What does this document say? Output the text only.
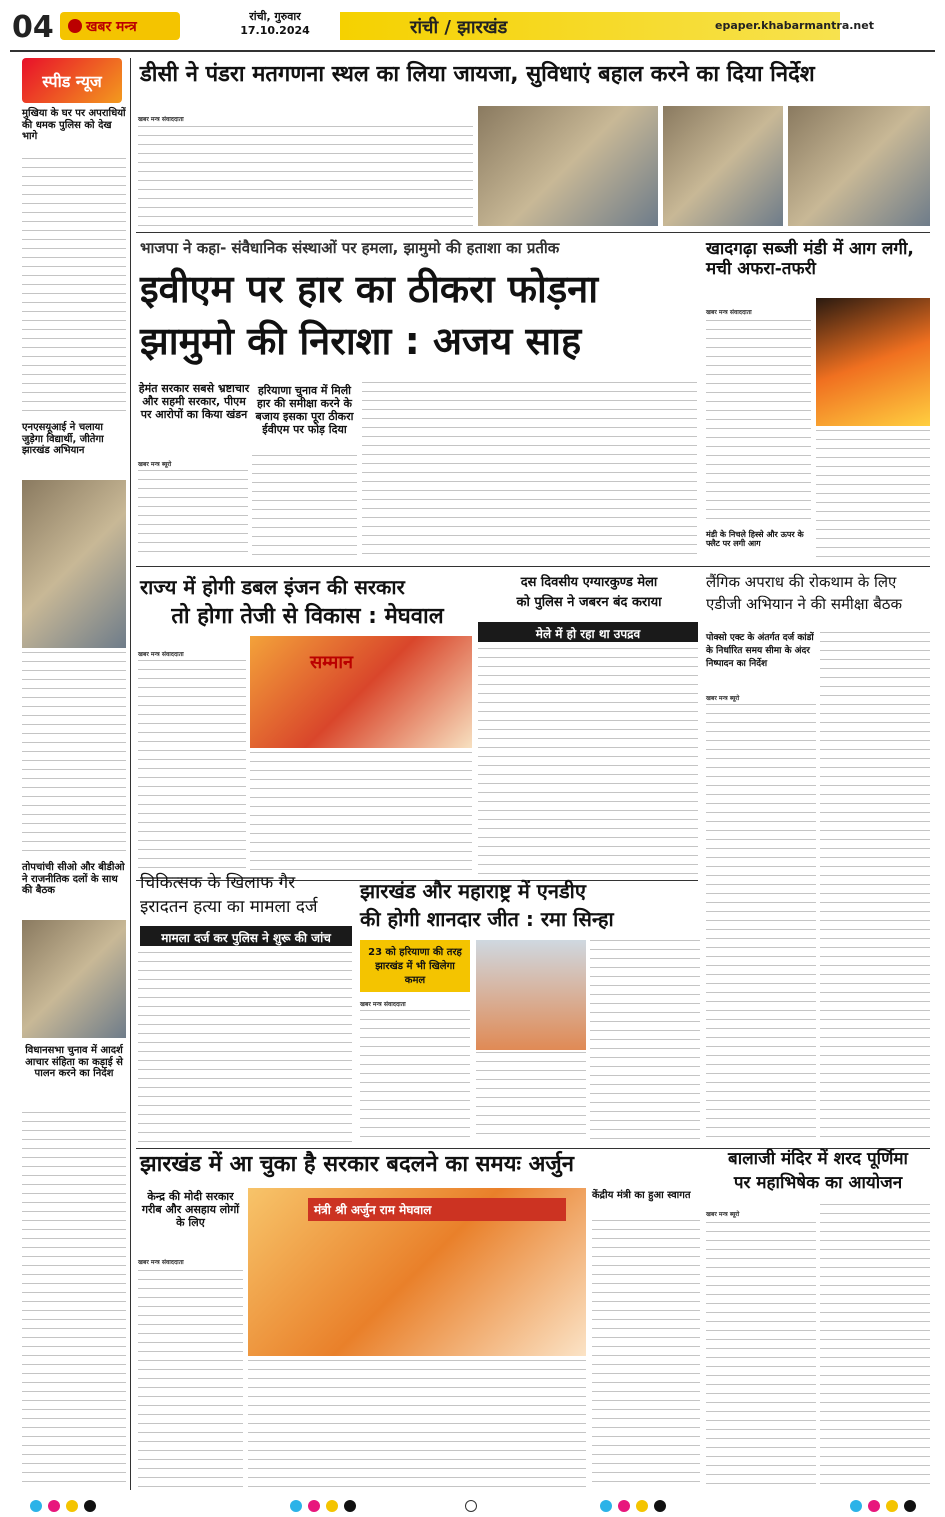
04	खबर मन्त्र
रांची, गुरुवार
17.10.2024	रांची / झारखंड	epaper.khabarmantra.net
स्पीड न्यूज
मुखिया के घर पर अपराधियों की धमक पुलिस को देख भागे
एनएसयूआई ने चलाया जुड़ेगा विद्यार्थी, जीतेगा झारखंड अभियान
तोपचांची सीओ और बीडीओ ने राजनीतिक दलों के साथ की बैठक
विधानसभा चुनाव में आदर्श आचार संहिता का कड़ाई से पालन करने का निर्देश
डीसी ने पंडरा मतगणना स्थल का लिया जायजा, सुविधाएं बहाल करने का दिया निर्देश
खबर मन्त्र संवाददाता
भाजपा ने कहा- संवैधानिक संस्थाओं पर हमला, झामुमो की हताशा का प्रतीक
इवीएम पर हार का ठीकरा फोड़ना
झामुमो की निराशा : अजय साह
हेमंत सरकार सबसे भ्रष्टाचार और सहमी सरकार, पीएम पर आरोपों का किया खंडन
हरियाणा चुनाव में मिली हार की समीक्षा करने के बजाय इसका पूरा ठीकरा ईवीएम पर फोड़ दिया
खबर मन्त्र ब्यूरो
खादगढ़ा सब्जी मंडी में आग लगी, मची अफरा-तफरी
खबर मन्त्र संवाददाता
मंडी के निचले हिस्से और ऊपर के फ्लैट पर लगी आग
राज्य में होगी डबल इंजन की सरकार
तो होगा तेजी से विकास : मेघवाल
खबर मन्त्र संवाददाता	सम्मान
दस दिवसीय एग्यारकुण्ड मेला
को पुलिस ने जबरन बंद कराया
मेले में हो रहा था उपद्रव
लैंगिक अपराध की रोकथाम के लिए
एडीजी अभियान ने की समीक्षा बैठक
पोक्सो एक्ट के अंतर्गत दर्ज कांडों के निर्धारित समय सीमा के अंदर निष्पादन का निर्देश
खबर मन्त्र ब्यूरो
चिकित्सक के खिलाफ गैर
इरादतन हत्या का मामला दर्ज
मामला दर्ज कर पुलिस ने शुरू की जांच
झारखंड और महाराष्ट्र में एनडीए
की होगी शानदार जीत : रमा सिन्हा
23 को हरियाणा की तरह झारखंड में भी खिलेगा कमल
खबर मन्त्र संवाददाता
झारखंड में आ चुका है सरकार बदलने का समयः अर्जुन
केन्द्र की मोदी सरकार गरीब और असहाय लोगों के लिए
खबर मन्त्र संवाददाता
मंत्री श्री अर्जुन राम मेघवाल
केंद्रीय मंत्री का हुआ स्वागत
बालाजी मंदिर में शरद पूर्णिमा
पर महाभिषेक का आयोजन
खबर मन्त्र ब्यूरो
